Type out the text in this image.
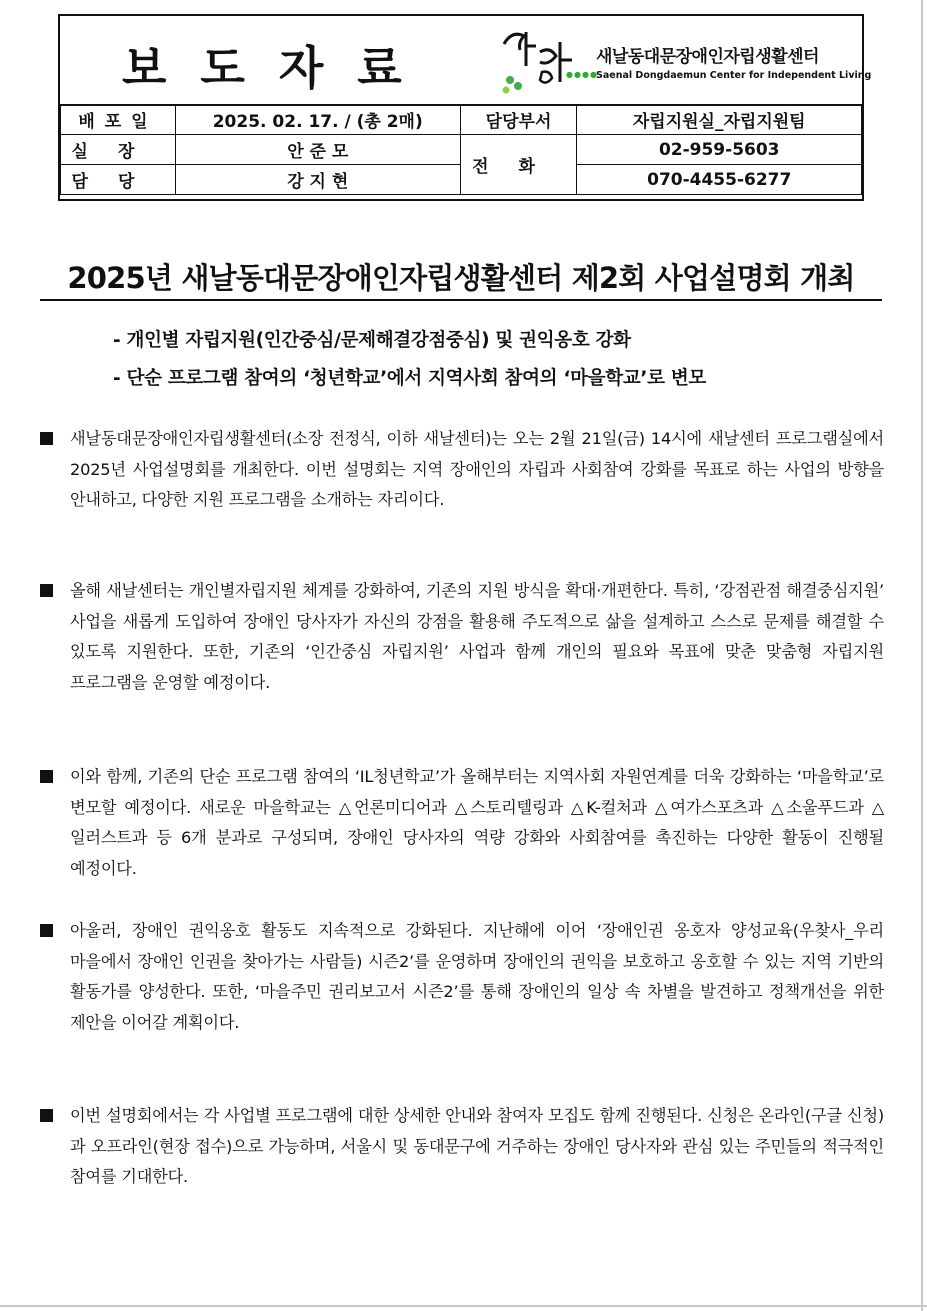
보도자료	새날동대문장애인자립생활센터
●●●●
Saenal Dongdaemun Center for Independent Living
배포일	2025. 02. 17. / (총 2매)	담당부서	자립지원실_자립지원팀
실장	안 준 모	전화	02-959-5603
담당	강 지 현		070-4455-6277
2025년 새날동대문장애인자립생활센터 제2회 사업설명회 개최
- 개인별 자립지원(인간중심/문제해결강점중심) 및 권익옹호 강화
- 단순 프로그램 참여의 ‘청년학교’에서 지역사회 참여의 ‘마을학교’로 변모
새날동대문장애인자립생활센터(소장 전정식, 이하 새날센터)는 오는 2월 21일(금) 14시에 새날센터 프로그램실에서 2025년 사업설명회를 개최한다. 이번 설명회는 지역 장애인의 자립과 사회참여 강화를 목표로 하는 사업의 방향을 안내하고, 다양한 지원 프로그램을 소개하는 자리이다.
올해 새날센터는 개인별자립지원 체계를 강화하여, 기존의 지원 방식을 확대·개편한다. 특히, ‘강점관점 해결중심지원’ 사업을 새롭게 도입하여 장애인 당사자가 자신의 강점을 활용해 주도적으로 삶을 설계하고 스스로 문제를 해결할 수 있도록 지원한다. 또한, 기존의 ‘인간중심 자립지원’ 사업과 함께 개인의 필요와 목표에 맞춘 맞춤형 자립지원 프로그램을 운영할 예정이다.
이와 함께, 기존의 단순 프로그램 참여의 ‘IL청년학교’가 올해부터는 지역사회 자원연계를 더욱 강화하는 ‘마을학교’로 변모할 예정이다. 새로운 마을학교는 △언론미디어과 △스토리텔링과 △K-컬처과 △여가스포츠과 △소울푸드과 △일러스트과 등 6개 분과로 구성되며, 장애인 당사자의 역량 강화와 사회참여를 촉진하는 다양한 활동이 진행될 예정이다.
아울러, 장애인 권익옹호 활동도 지속적으로 강화된다. 지난해에 이어 ‘장애인권 옹호자 양성교육(우찾사_우리 마을에서 장애인 인권을 찾아가는 사람들) 시즌2’를 운영하며 장애인의 권익을 보호하고 옹호할 수 있는 지역 기반의 활동가를 양성한다. 또한, ‘마을주민 권리보고서 시즌2’를 통해 장애인의 일상 속 차별을 발견하고 정책개선을 위한 제안을 이어갈 계획이다.
이번 설명회에서는 각 사업별 프로그램에 대한 상세한 안내와 참여자 모집도 함께 진행된다. 신청은 온라인(구글 신청)과 오프라인(현장 접수)으로 가능하며, 서울시 및 동대문구에 거주하는 장애인 당사자와 관심 있는 주민들의 적극적인 참여를 기대한다.
